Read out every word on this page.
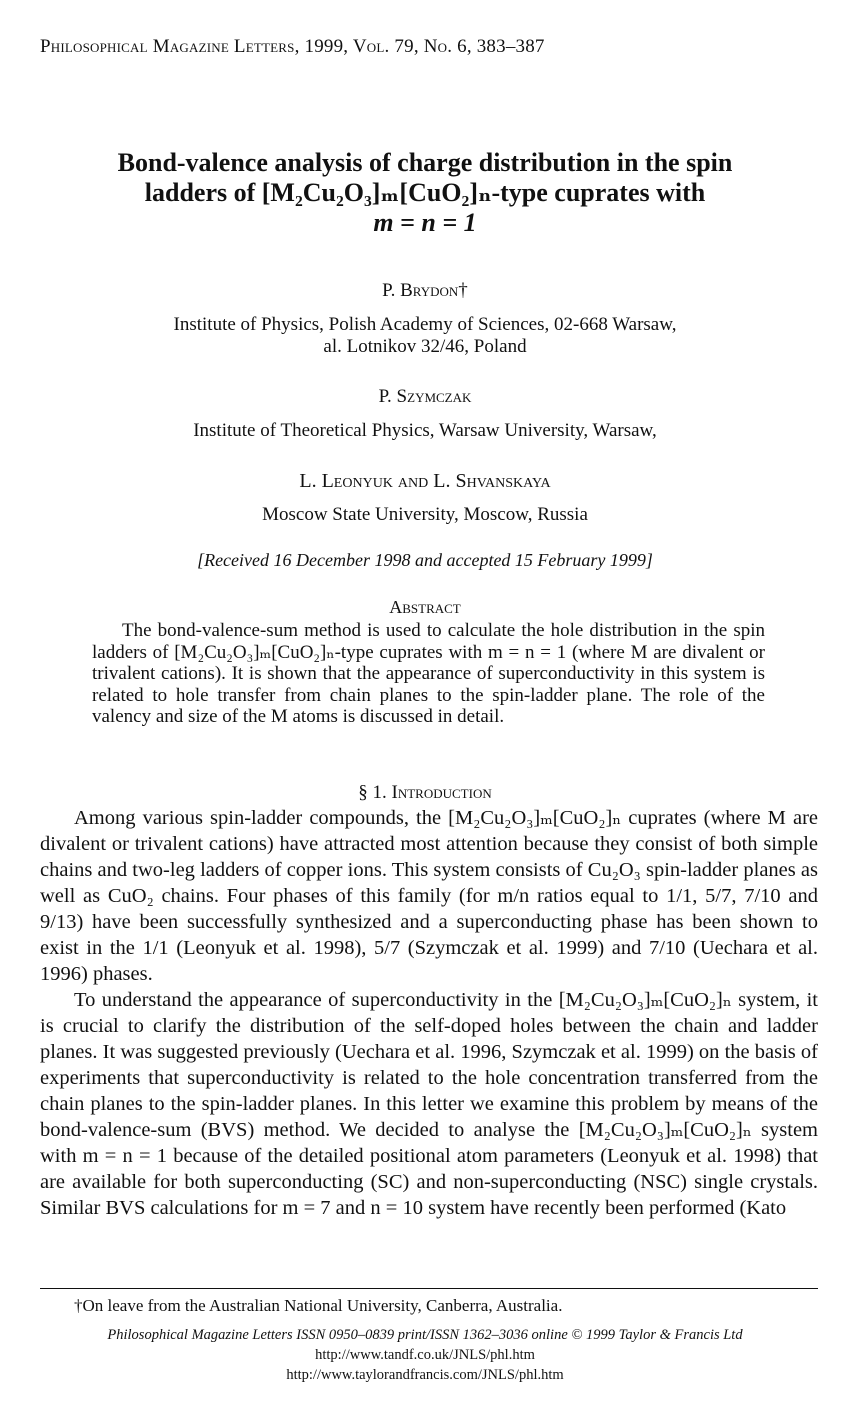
Philosophical Magazine Letters, 1999, Vol. 79, No. 6, 383–387
Bond-valence analysis of charge distribution in the spin
ladders of [M₂Cu₂O₃]ₘ[CuO₂]ₙ-type cuprates with
m = n = 1
P. Brydon†
Institute of Physics, Polish Academy of Sciences, 02-668 Warsaw,
al. Lotnikov 32/46, Poland
P. Szymczak
Institute of Theoretical Physics, Warsaw University, Warsaw,
L. Leonyuk and L. Shvanskaya
Moscow State University, Moscow, Russia
[Received 16 December 1998 and accepted 15 February 1999]
Abstract
The bond-valence-sum method is used to calculate the hole distribution in the spin ladders of [M₂Cu₂O₃]ₘ[CuO₂]ₙ-type cuprates with m = n = 1 (where M are divalent or trivalent cations). It is shown that the appearance of superconductivity in this system is related to hole transfer from chain planes to the spin-ladder plane. The role of the valency and size of the M atoms is discussed in detail.
§ 1. Introduction

Among various spin-ladder compounds, the [M₂Cu₂O₃]ₘ[CuO₂]ₙ cuprates (where M are divalent or trivalent cations) have attracted most attention because they consist of both simple chains and two-leg ladders of copper ions. This system consists of Cu₂O₃ spin-ladder planes as well as CuO₂ chains. Four phases of this family (for m/n ratios equal to 1/1, 5/7, 7/10 and 9/13) have been successfully synthesized and a superconducting phase has been shown to exist in the 1/1 (Leonyuk et al. 1998), 5/7 (Szymczak et al. 1999) and 7/10 (Uechara et al. 1996) phases.

To understand the appearance of superconductivity in the [M₂Cu₂O₃]ₘ[CuO₂]ₙ system, it is crucial to clarify the distribution of the self-doped holes between the chain and ladder planes. It was suggested previously (Uechara et al. 1996, Szymczak et al. 1999) on the basis of experiments that superconductivity is related to the hole concentration transferred from the chain planes to the spin-ladder planes. In this letter we examine this problem by means of the bond-valence-sum (BVS) method. We decided to analyse the [M₂Cu₂O₃]ₘ[CuO₂]ₙ system with m = n = 1 because of the detailed positional atom parameters (Leonyuk et al. 1998) that are available for both superconducting (SC) and non-superconducting (NSC) single crystals. Similar BVS calculations for m = 7 and n = 10 system have recently been performed (Kato

†On leave from the Australian National University, Canberra, Australia.
Philosophical Magazine Letters ISSN 0950–0839 print/ISSN 1362–3036 online © 1999 Taylor & Francis Ltd
http://www.tandf.co.uk/JNLS/phl.htm
http://www.taylorandfrancis.com/JNLS/phl.htm
